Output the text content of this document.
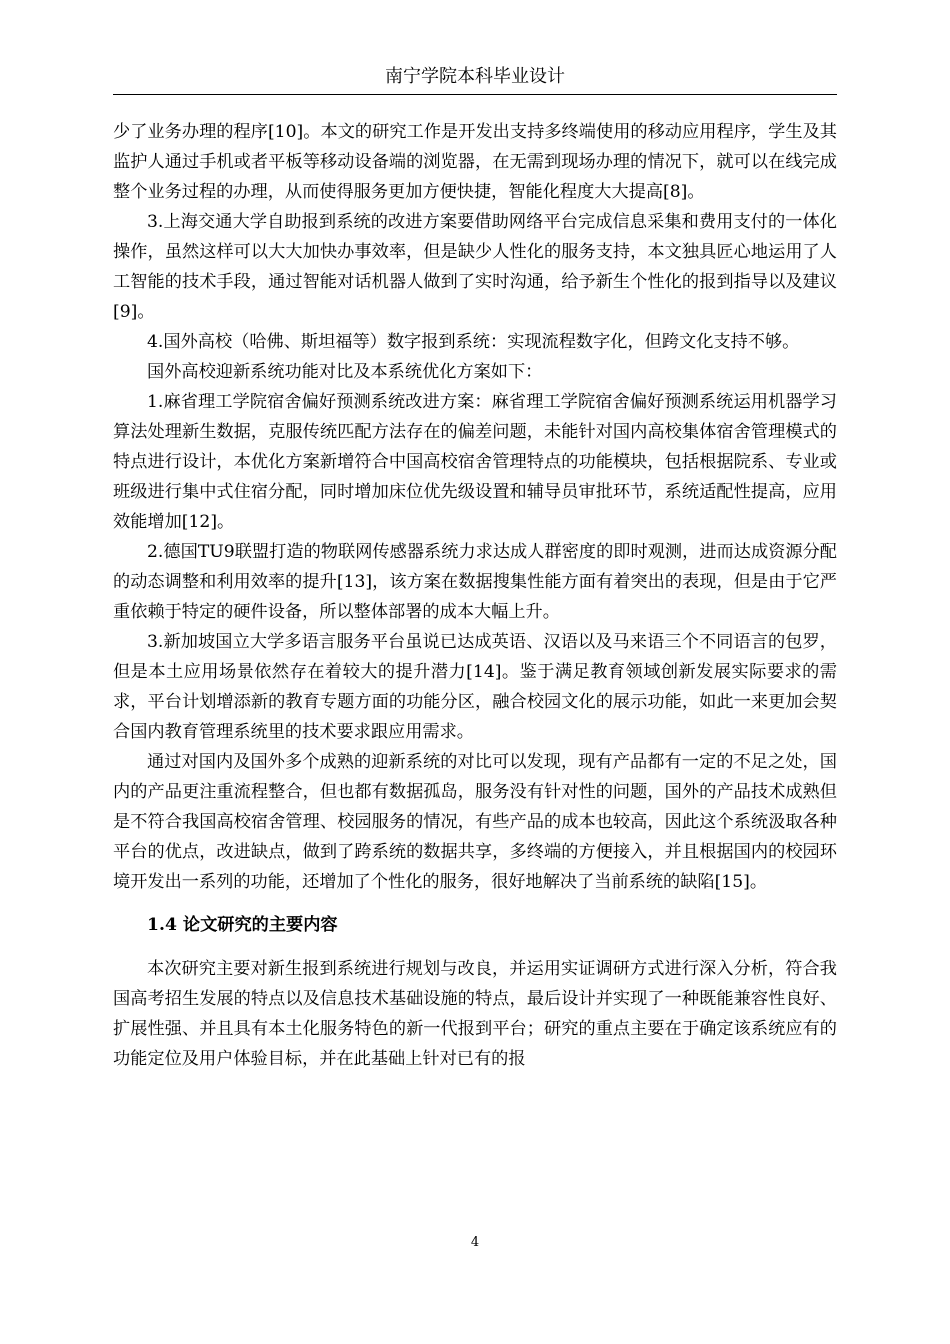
南宁学院本科毕业设计

少了业务办理的程序[10]。本文的研究工作是开发出支持多终端使用的移动应用程序，学生及其监护人通过手机或者平板等移动设备端的浏览器，在无需到现场办理的情况下，就可以在线完成整个业务过程的办理，从而使得服务更加方便快捷，智能化程度大大提高[8]。

3.上海交通大学自助报到系统的改进方案要借助网络平台完成信息采集和费用支付的一体化操作，虽然这样可以大大加快办事效率，但是缺少人性化的服务支持，本文独具匠心地运用了人工智能的技术手段，通过智能对话机器人做到了实时沟通，给予新生个性化的报到指导以及建议[9]。

4.国外高校（哈佛、斯坦福等）数字报到系统：实现流程数字化，但跨文化支持不够。

国外高校迎新系统功能对比及本系统优化方案如下：

1.麻省理工学院宿舍偏好预测系统改进方案：麻省理工学院宿舍偏好预测系统运用机器学习算法处理新生数据，克服传统匹配方法存在的偏差问题，未能针对国内高校集体宿舍管理模式的特点进行设计，本优化方案新增符合中国高校宿舍管理特点的功能模块，包括根据院系、专业或班级进行集中式住宿分配，同时增加床位优先级设置和辅导员审批环节，系统适配性提高，应用效能增加[12]。

2.德国TU9联盟打造的物联网传感器系统力求达成人群密度的即时观测，进而达成资源分配的动态调整和利用效率的提升[13]，该方案在数据搜集性能方面有着突出的表现，但是由于它严重依赖于特定的硬件设备，所以整体部署的成本大幅上升。

3.新加坡国立大学多语言服务平台虽说已达成英语、汉语以及马来语三个不同语言的包罗，但是本土应用场景依然存在着较大的提升潜力[14]。鉴于满足教育领域创新发展实际要求的需求，平台计划增添新的教育专题方面的功能分区，融合校园文化的展示功能，如此一来更加会契合国内教育管理系统里的技术要求跟应用需求。

通过对国内及国外多个成熟的迎新系统的对比可以发现，现有产品都有一定的不足之处，国内的产品更注重流程整合，但也都有数据孤岛，服务没有针对性的问题，国外的产品技术成熟但是不符合我国高校宿舍管理、校园服务的情况，有些产品的成本也较高，因此这个系统汲取各种平台的优点，改进缺点，做到了跨系统的数据共享，多终端的方便接入，并且根据国内的校园环境开发出一系列的功能，还增加了个性化的服务，很好地解决了当前系统的缺陷[15]。

1.4 论文研究的主要内容

本次研究主要对新生报到系统进行规划与改良，并运用实证调研方式进行深入分析，符合我国高考招生发展的特点以及信息技术基础设施的特点，最后设计并实现了一种既能兼容性良好、扩展性强、并且具有本土化服务特色的新一代报到平台；研究的重点主要在于确定该系统应有的功能定位及用户体验目标，并在此基础上针对已有的报

4
